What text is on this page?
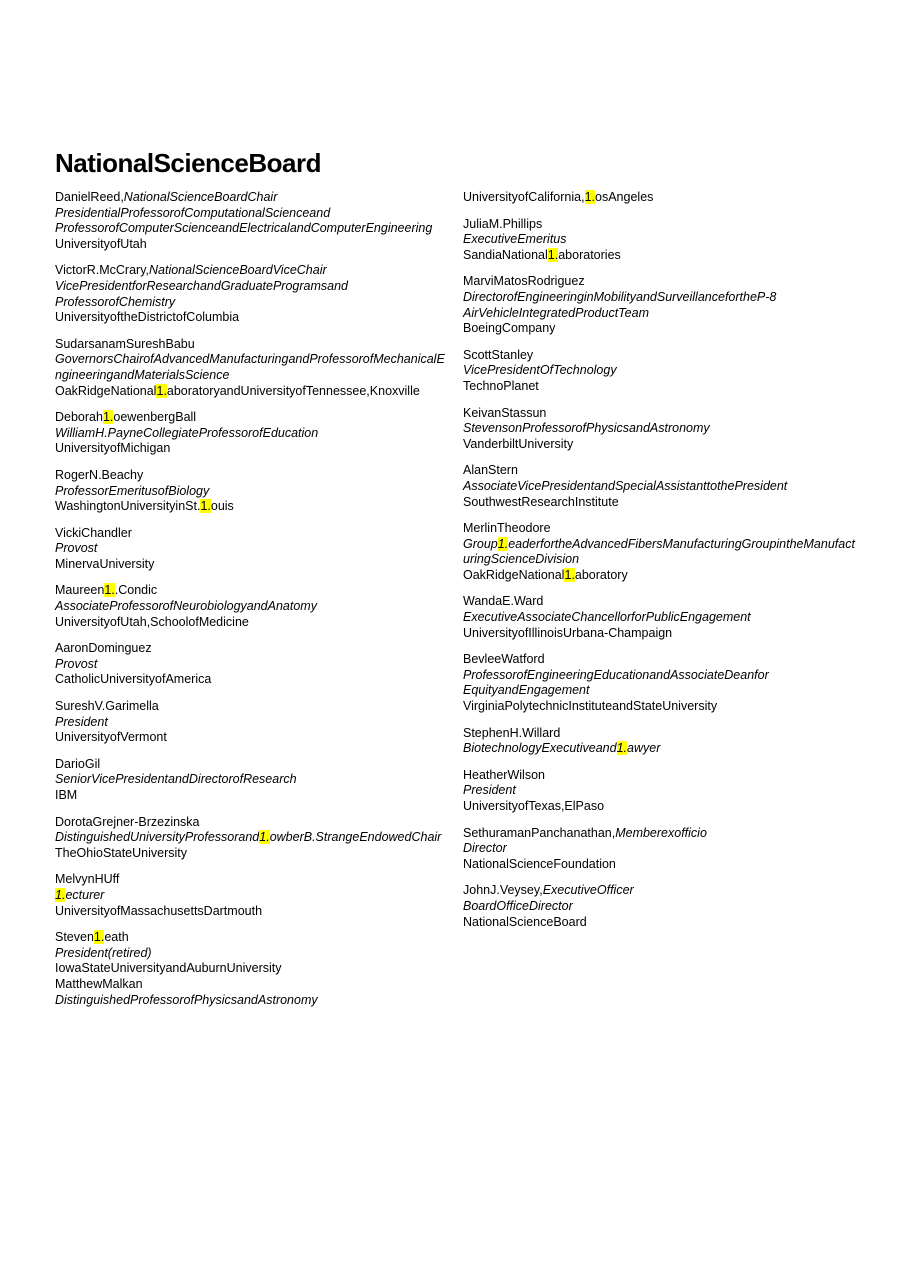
NationalScienceBoard
DanielReed,NationalScienceBoardChair
PresidentialProfessorofComputationalScienceand
ProfessorofComputerScienceandElectricalandComputerEngineering
UniversityofUtah
VictorR.McCrary,NationalScienceBoardViceChair
VicePresidentforResearchandGraduateProgramsand
ProfessorofChemistry
UniversityoftheDistrictofColumbia
SudarsanamSureshBabu
GovernorsChairofAdvancedManufacturingandProfessorofMechanicalEngineeringandMaterialsScience
OakRidgeNational1.aboratoryandUniversityofTennessee,Knoxville
Deborah1.oewenbergBall
WilliamH.PayneCollegiateProfessorofEducation
UniversityofMichigan
RogerN.Beachy
ProfessorEmeritusofBiology
WashingtonUniversityinSt.1.ouis
VickiChandler
Provost
MinervaUniversity
Maureen1..Condic
AssociateProfessorofNeurobiologyandAnatomy
UniversityofUtah,SchoolofMedicine
AaronDominguez
Provost
CatholicUniversityofAmerica
SureshV.Garimella
President
UniversityofVermont
DarioGil
SeniorVicePresidentandDirectorofResearch
IBM
DorotaGrejner-Brzezinska
DistinguishedUniversityProfessorand1.owberB.StrangeEndowedChair
TheOhioStateUniversity
MelvynHUff
1.ecturer
UniversityofMassachusettsDartmouth
Steven1.eath
President(retired)
IowaStateUniversityandAuburnUniversity
MatthewMalkan
DistinguishedProfessorofPhysicsandAstronomy
UniversityofCalifornia,1.osAngeles
JuliaM.Phillips
ExecutiveEmeritus
SandiaNational1.aboratories
MarviMatosRodriguez
DirectorofEngineeringinMobilityandSurveillancefortheP-8
AirVehicleIntegratedProductTeam
BoeingCompany
ScottStanley
VicePresidentOfTechnology
TechnoPlanet
KeivanStassun
StevensonProfessorofPhysicsandAstronomy
VanderbiltUniversity
AlanStern
AssociateVicePresidentandSpecialAssistanttothePresident
SouthwestResearchInstitute
MerlinTheodore
Group1.eaderfortheAdvancedFibersManufacturingGroupintheManufacturingScienceDivision
OakRidgeNational1.aboratory
WandaE.Ward
ExecutiveAssociateChancellorforPublicEngagement
UniversityofIllinoisUrbana-Champaign
BevleeWatford
ProfessorofEngineeringEducationandAssociateDeanfor
EquityandEngagement
VirginiaPolytechnicInstituteandStateUniversity
StephenH.Willard
BiotechnologyExecutiveand1.awyer
HeatherWilson
President
UniversityofTexas,ElPaso
SethuramanPanchanathan,Memberexofficio
Director
NationalScienceFoundation
JohnJ.Veysey,ExecutiveOfficer
BoardOfficeDirector
NationalScienceBoard
